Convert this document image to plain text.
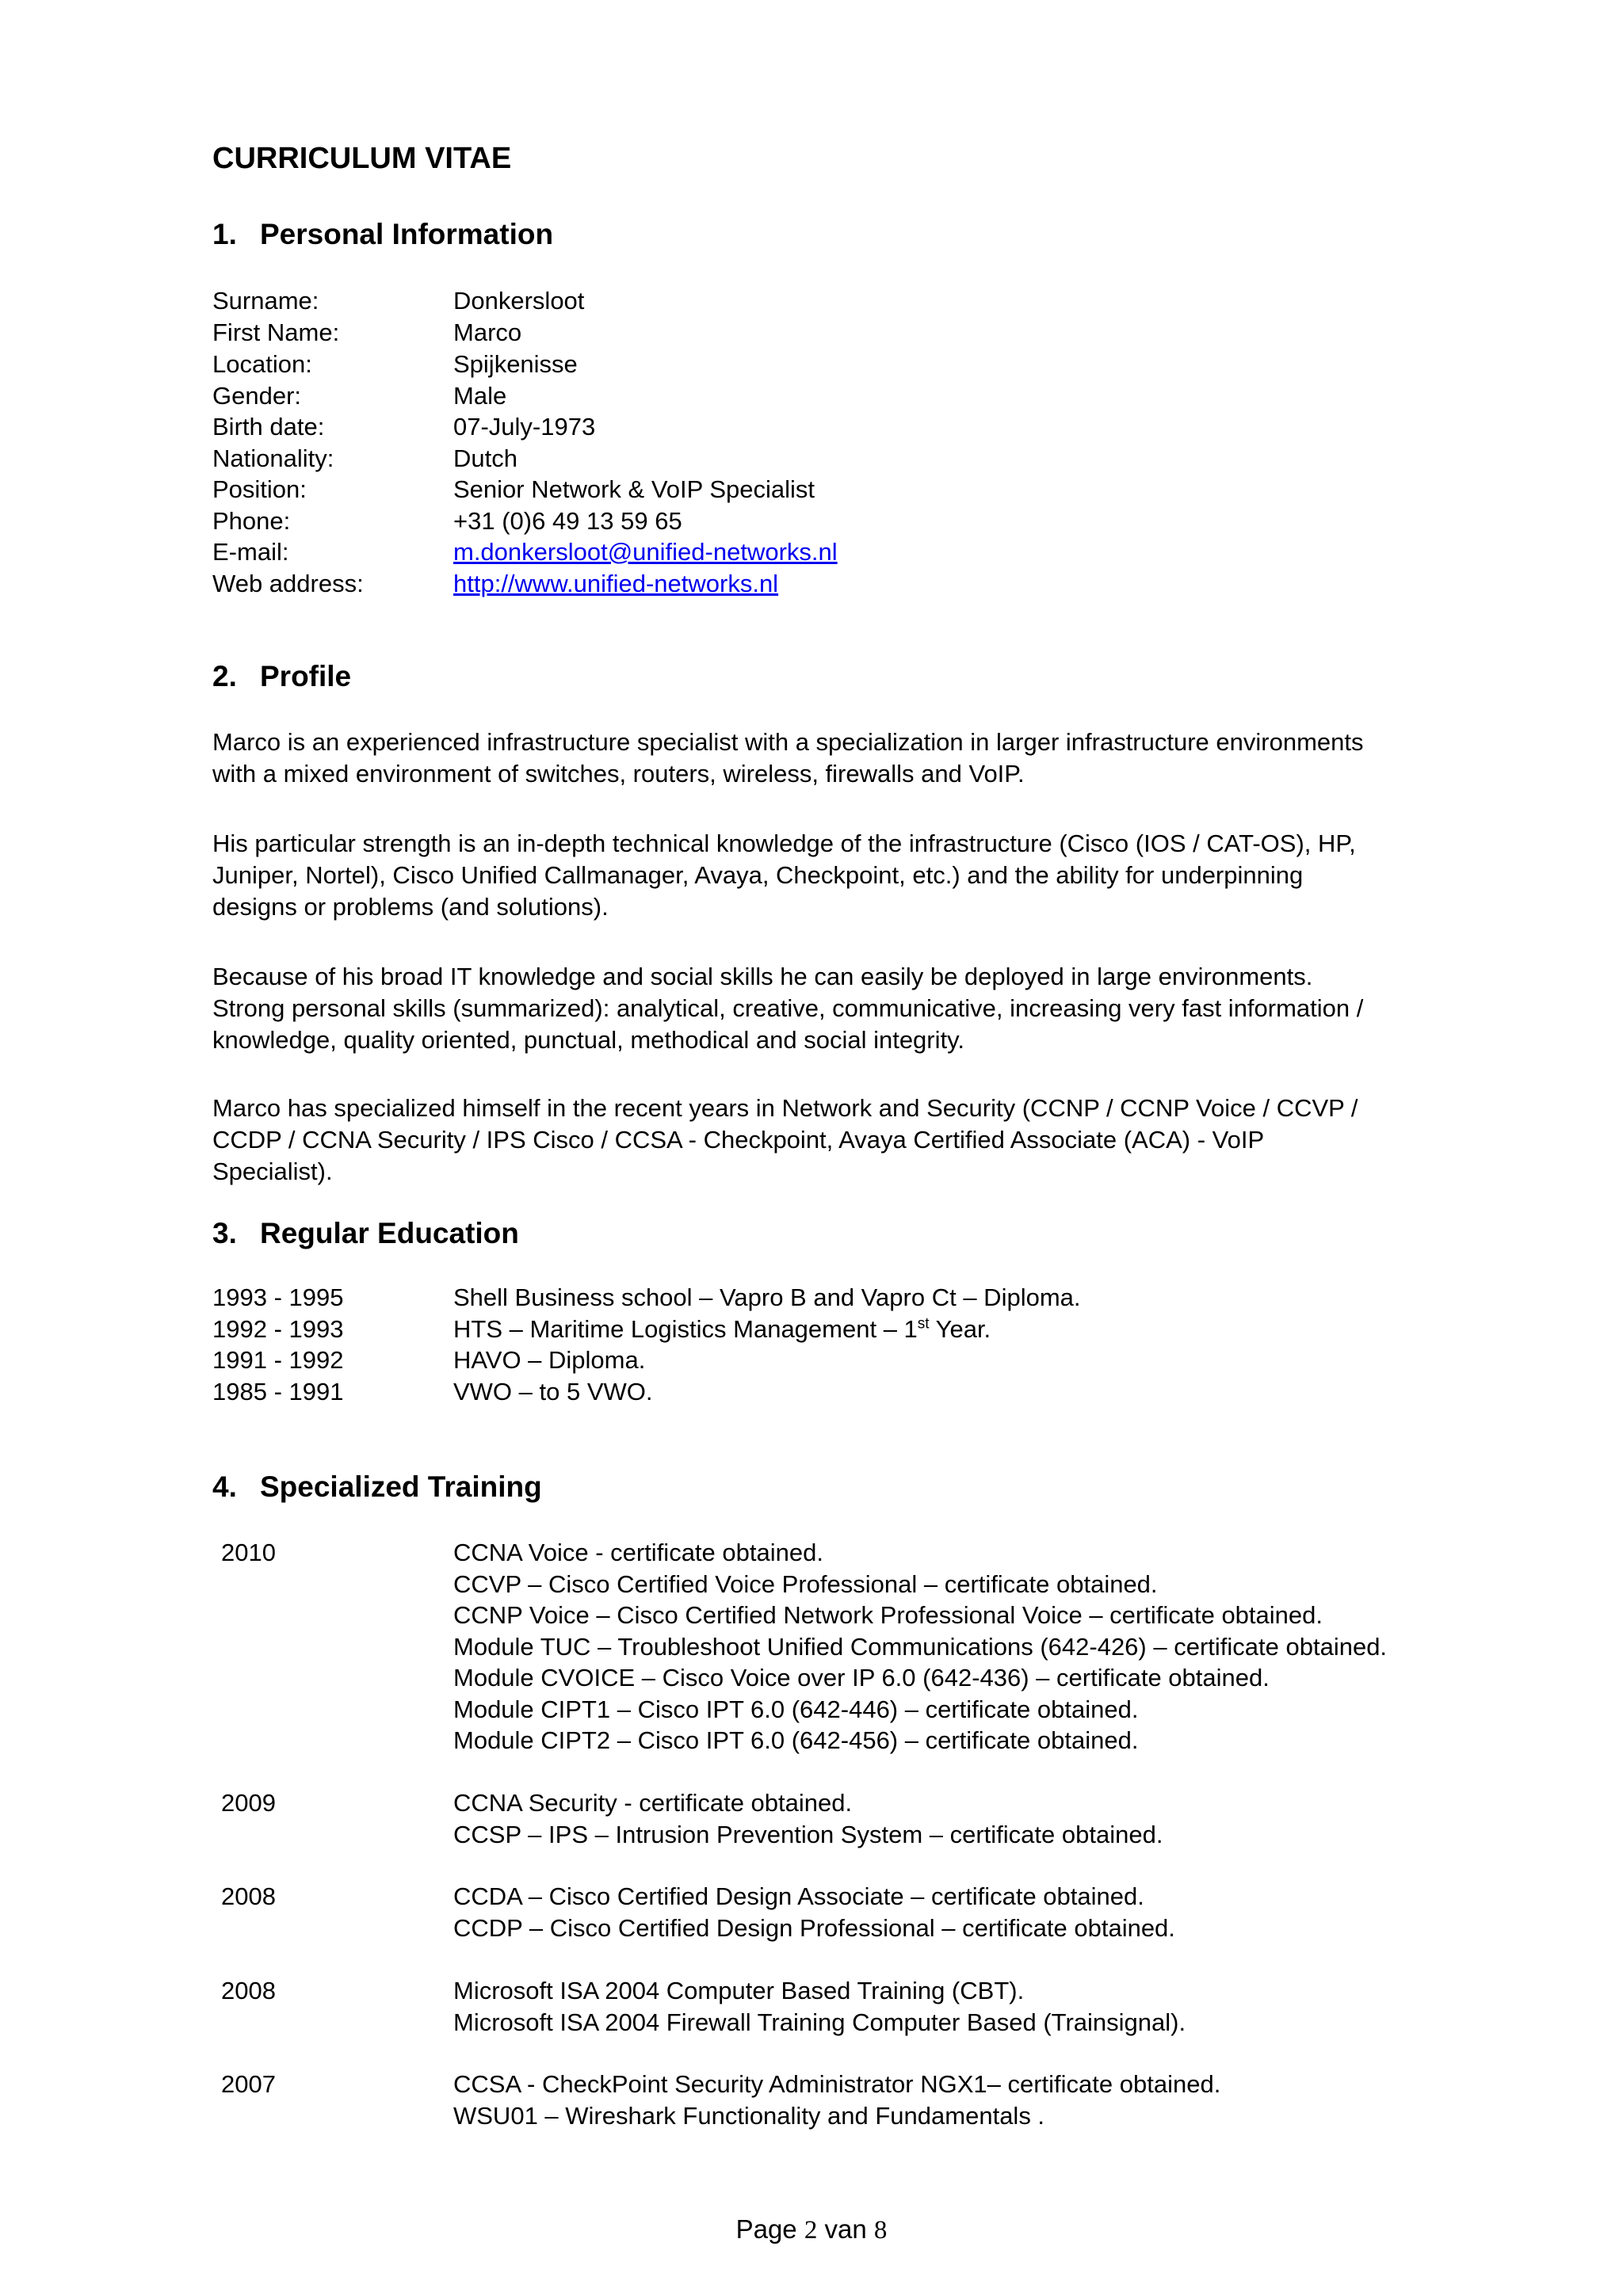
CURRICULUM VITAE
1. Personal Information
Surname:	Donkersloot
First Name:	Marco
Location:	Spijkenisse
Gender:	Male
Birth date:	07-July-1973
Nationality:	Dutch
Position:	Senior Network & VoIP Specialist
Phone:	+31 (0)6 49 13 59 65
E-mail:	m.donkersloot@unified-networks.nl
Web address:	http://www.unified-networks.nl
2. Profile

Marco is an experienced infrastructure specialist with a specialization in larger infrastructure environments
with a mixed environment of switches, routers, wireless, firewalls and VoIP.

His particular strength is an in-depth technical knowledge of the infrastructure (Cisco (IOS / CAT-OS), HP,
Juniper, Nortel), Cisco Unified Callmanager, Avaya, Checkpoint, etc.) and the ability for underpinning
designs or problems (and solutions).

Because of his broad IT knowledge and social skills he can easily be deployed in large environments.
Strong personal skills (summarized): analytical, creative, communicative, increasing very fast information /
knowledge, quality oriented, punctual, methodical and social integrity.

Marco has specialized himself in the recent years in Network and Security (CCNP / CCNP Voice / CCVP /
CCDP / CCNA Security / IPS Cisco / CCSA - Checkpoint, Avaya Certified Associate (ACA) - VoIP
Specialist).

3. Regular Education
1993 - 1995	Shell Business school – Vapro B and Vapro Ct – Diploma.
1992 - 1993	HTS – Maritime Logistics Management – 1st Year.
1991 - 1992	HAVO – Diploma.
1985 - 1991	VWO – to 5 VWO.
4. Specialized Training
2010	CCNA Voice - certificate obtained.
CCVP – Cisco Certified Voice Professional – certificate obtained.
CCNP Voice – Cisco Certified Network Professional Voice – certificate obtained.
Module TUC – Troubleshoot Unified Communications (642-426) – certificate obtained.
Module CVOICE – Cisco Voice over IP 6.0 (642-436) – certificate obtained.
Module CIPT1 – Cisco IPT 6.0 (642-446) – certificate obtained.
Module CIPT2 – Cisco IPT 6.0 (642-456) – certificate obtained.
2009	CCNA Security - certificate obtained.
CCSP – IPS – Intrusion Prevention System – certificate obtained.
2008	CCDA – Cisco Certified Design Associate – certificate obtained.
CCDP – Cisco Certified Design Professional – certificate obtained.
2008	Microsoft ISA 2004 Computer Based Training (CBT).
Microsoft ISA 2004 Firewall Training Computer Based (Trainsignal).
2007	CCSA - CheckPoint Security Administrator NGX1– certificate obtained.
WSU01 – Wireshark Functionality and Fundamentals .
Page 2 van 8
